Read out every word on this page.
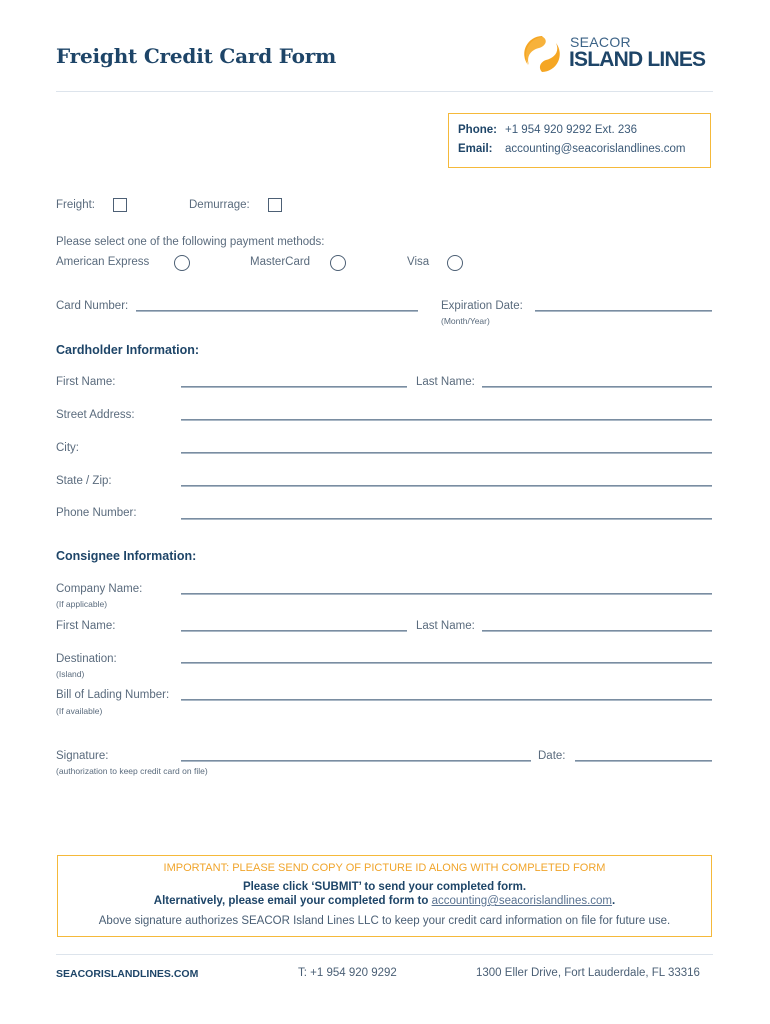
Freight Credit Card Form
SEACOR
ISLAND LINES
Phone: +1 954 920 9292 Ext. 236
Email: accounting@seacorislandlines.com
Freight:	Demurrage:
Please select one of the following payment methods:
American Express	MasterCard	Visa
Card Number:	Expiration Date:
(Month/Year)
Cardholder Information:
First Name:	Last Name:
Street Address:
City:
State / Zip:
Phone Number:
Consignee Information:
Company Name:
(If applicable)
First Name:	Last Name:
Destination:
(Island)
Bill of Lading Number:
(If available)
Signature:
(authorization to keep credit card on file)
Date:
IMPORTANT: PLEASE SEND COPY OF PICTURE ID ALONG WITH COMPLETED FORM
Please click ‘SUBMIT’ to send your completed form.
Alternatively, please email your completed form to accounting@seacorislandlines.com.
Above signature authorizes SEACOR Island Lines LLC to keep your credit card information on file for future use.
SEACORISLANDLINES.COM	T: +1 954 920 9292	1300 Eller Drive, Fort Lauderdale, FL 33316
